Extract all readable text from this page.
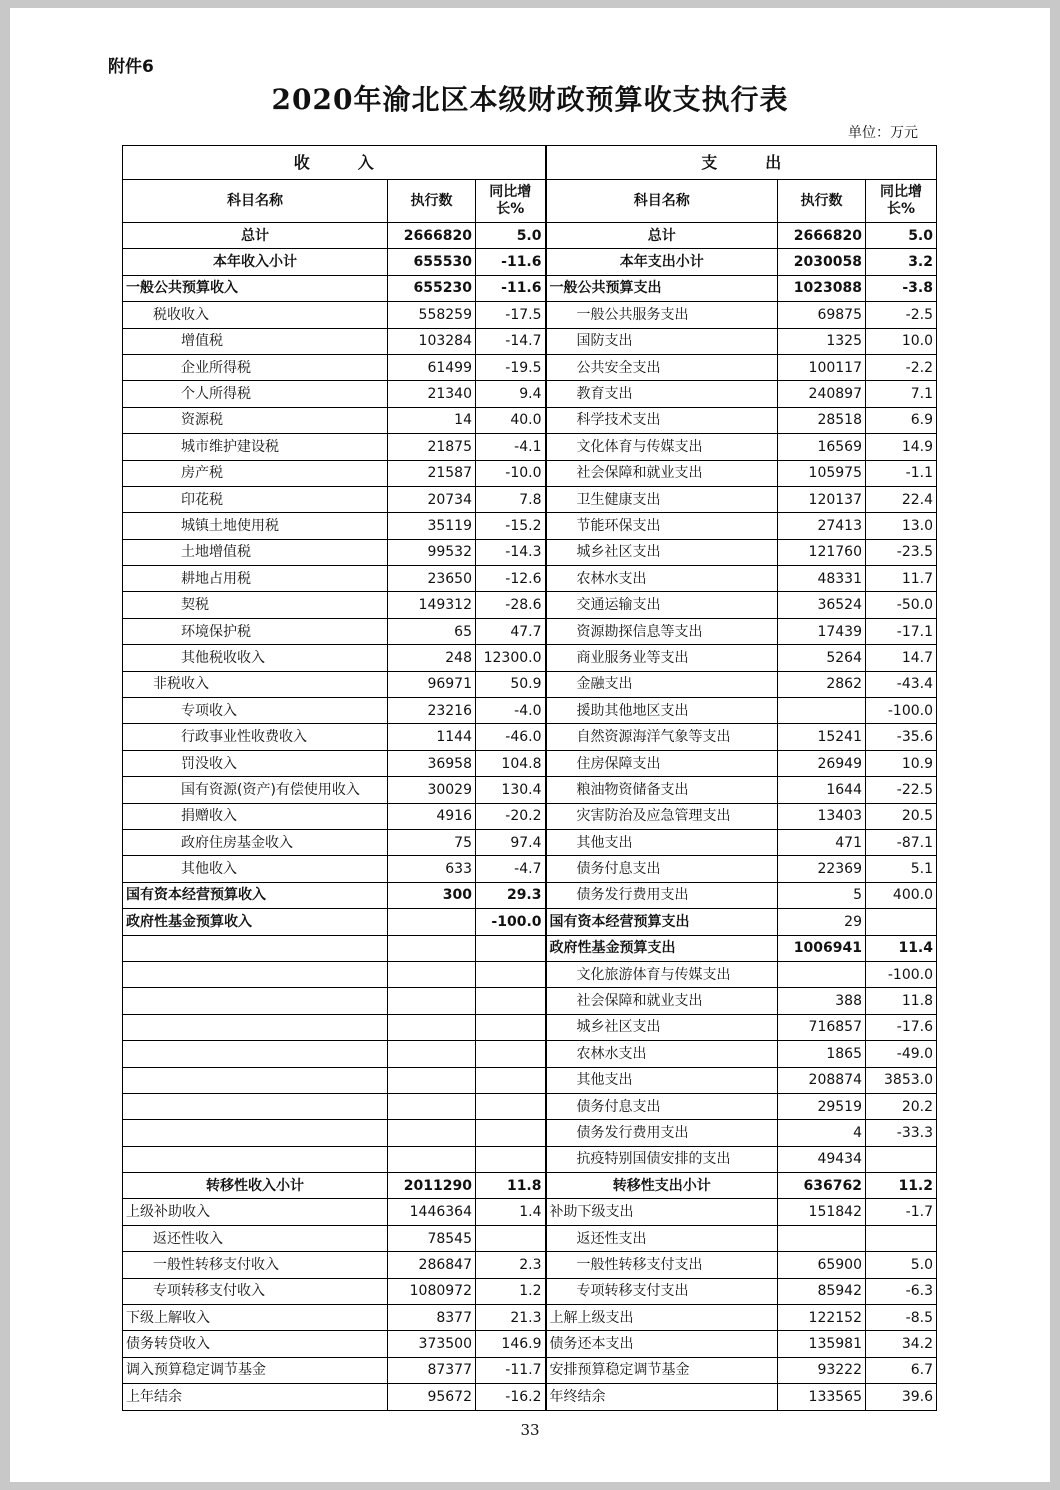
附件6
2020年渝北区本级财政预算收支执行表
单位：万元
收　　　入			支　　　出		
科目名称	执行数	同比增长%	科目名称	执行数	同比增长%
总计	2666820	5.0	总计	2666820	5.0
本年收入小计	655530	-11.6	本年支出小计	2030058	3.2
一般公共预算收入	655230	-11.6	一般公共预算支出	1023088	-3.8
税收收入	558259	-17.5	一般公共服务支出	69875	-2.5
增值税	103284	-14.7	国防支出	1325	10.0
企业所得税	61499	-19.5	公共安全支出	100117	-2.2
个人所得税	21340	9.4	教育支出	240897	7.1
资源税	14	40.0	科学技术支出	28518	6.9
城市维护建设税	21875	-4.1	文化体育与传媒支出	16569	14.9
房产税	21587	-10.0	社会保障和就业支出	105975	-1.1
印花税	20734	7.8	卫生健康支出	120137	22.4
城镇土地使用税	35119	-15.2	节能环保支出	27413	13.0
土地增值税	99532	-14.3	城乡社区支出	121760	-23.5
耕地占用税	23650	-12.6	农林水支出	48331	11.7
契税	149312	-28.6	交通运输支出	36524	-50.0
环境保护税	65	47.7	资源勘探信息等支出	17439	-17.1
其他税收收入	248	12300.0	商业服务业等支出	5264	14.7
非税收入	96971	50.9	金融支出	2862	-43.4
专项收入	23216	-4.0	援助其他地区支出		-100.0
行政事业性收费收入	1144	-46.0	自然资源海洋气象等支出	15241	-35.6
罚没收入	36958	104.8	住房保障支出	26949	10.9
国有资源(资产)有偿使用收入	30029	130.4	粮油物资储备支出	1644	-22.5
捐赠收入	4916	-20.2	灾害防治及应急管理支出	13403	20.5
政府住房基金收入	75	97.4	其他支出	471	-87.1
其他收入	633	-4.7	债务付息支出	22369	5.1
国有资本经营预算收入	300	29.3	债务发行费用支出	5	400.0
政府性基金预算收入		-100.0	国有资本经营预算支出	29	
			政府性基金预算支出	1006941	11.4
			文化旅游体育与传媒支出		-100.0
			社会保障和就业支出	388	11.8
			城乡社区支出	716857	-17.6
			农林水支出	1865	-49.0
			其他支出	208874	3853.0
			债务付息支出	29519	20.2
			债务发行费用支出	4	-33.3
			抗疫特别国债安排的支出	49434	
转移性收入小计	2011290	11.8	转移性支出小计	636762	11.2
上级补助收入	1446364	1.4	补助下级支出	151842	-1.7
返还性收入	78545		返还性支出		
一般性转移支付收入	286847	2.3	一般性转移支付支出	65900	5.0
专项转移支付收入	1080972	1.2	专项转移支付支出	85942	-6.3
下级上解收入	8377	21.3	上解上级支出	122152	-8.5
债务转贷收入	373500	146.9	债务还本支出	135981	34.2
调入预算稳定调节基金	87377	-11.7	安排预算稳定调节基金	93222	6.7
上年结余	95672	-16.2	年终结余	133565	39.6
33
